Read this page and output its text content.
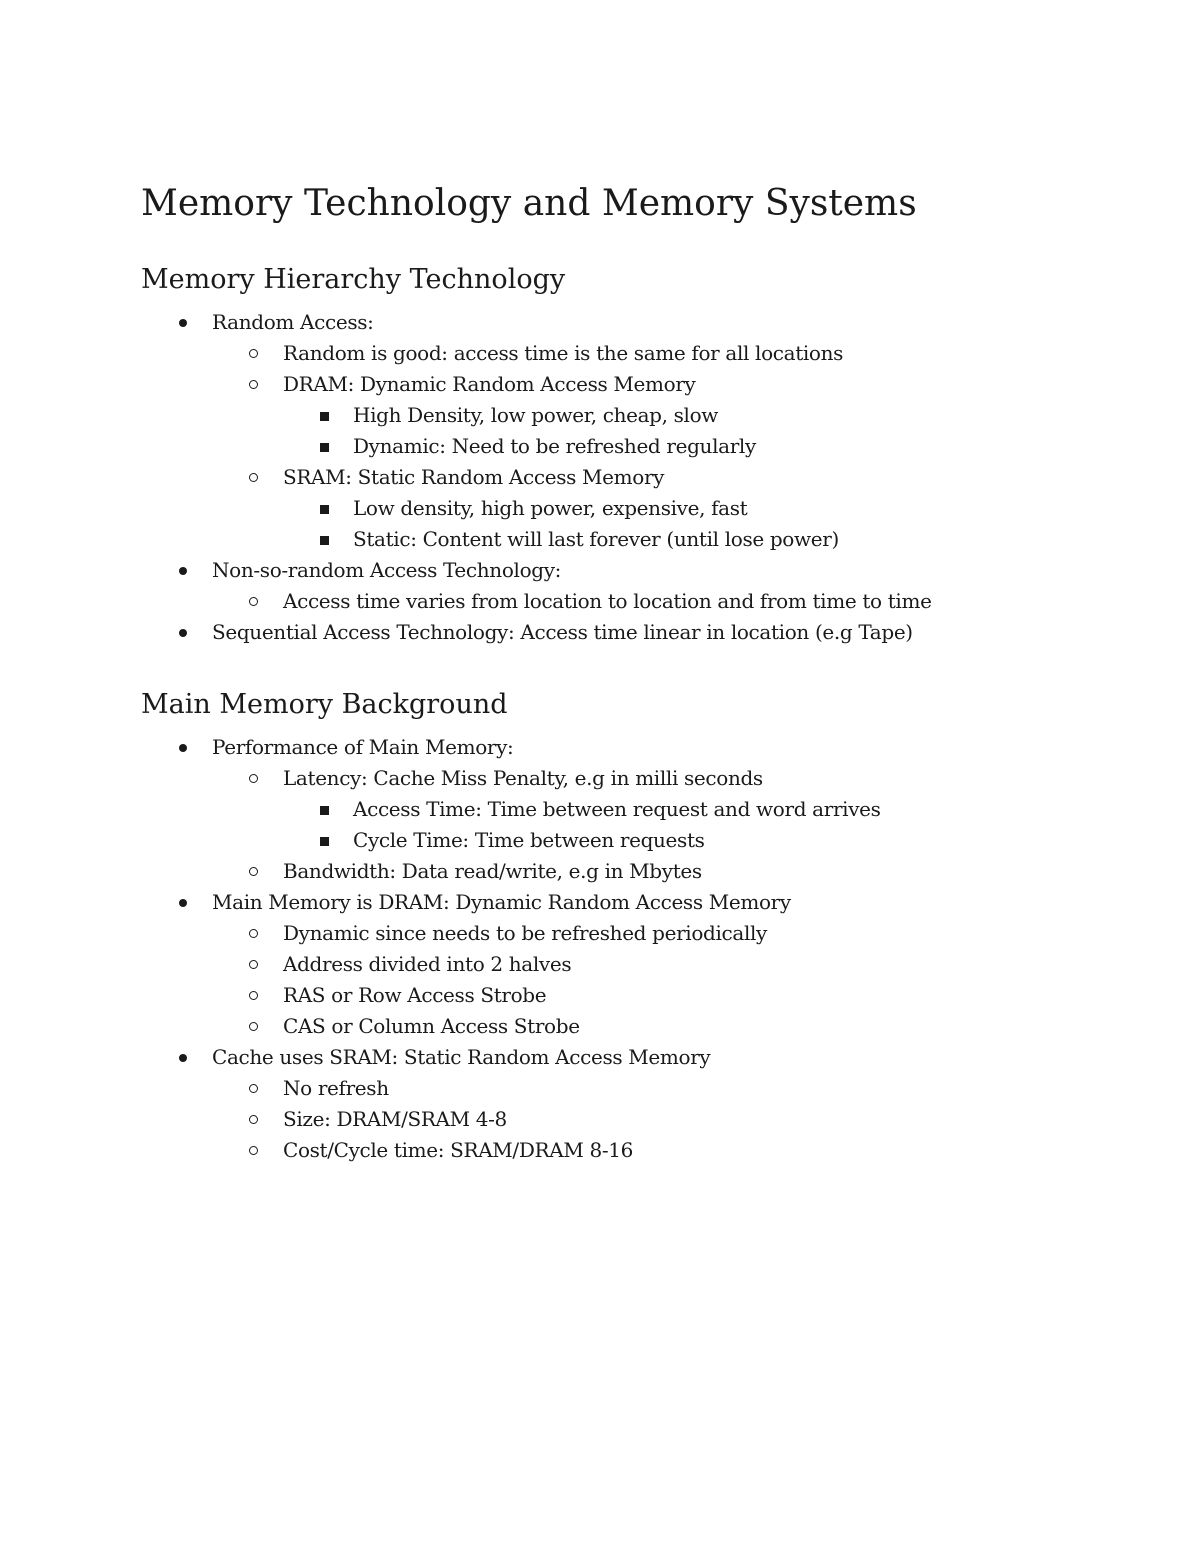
Memory Technology and Memory Systems
Memory Hierarchy Technology
Random Access:
Random is good: access time is the same for all locations
DRAM: Dynamic Random Access Memory
High Density, low power, cheap, slow
Dynamic: Need to be refreshed regularly
SRAM: Static Random Access Memory
Low density, high power, expensive, fast
Static: Content will last forever (until lose power)
Non-so-random Access Technology:
Access time varies from location to location and from time to time
Sequential Access Technology: Access time linear in location (e.g Tape)
Main Memory Background
Performance of Main Memory:
Latency: Cache Miss Penalty, e.g in milli seconds
Access Time: Time between request and word arrives
Cycle Time: Time between requests
Bandwidth: Data read/write, e.g in Mbytes
Main Memory is DRAM: Dynamic Random Access Memory
Dynamic since needs to be refreshed periodically
Address divided into 2 halves
RAS or Row Access Strobe
CAS or Column Access Strobe
Cache uses SRAM: Static Random Access Memory
No refresh
Size: DRAM/SRAM 4-8
Cost/Cycle time: SRAM/DRAM 8-16
